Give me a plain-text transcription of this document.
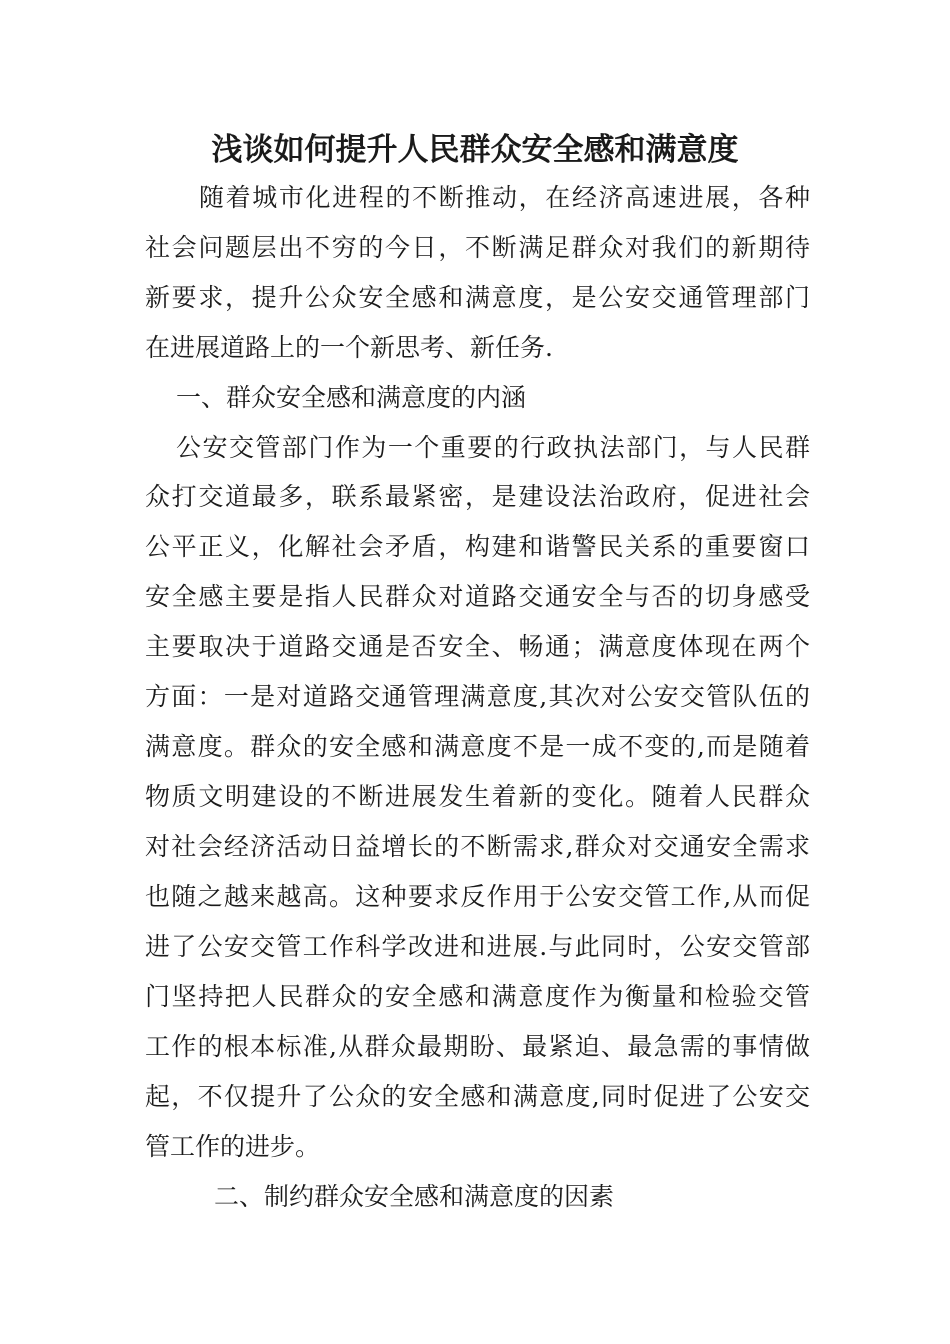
浅谈如何提升人民群众安全感和满意度
随着城市化进程的不断推动，在经济高速进展，各种
社会问题层出不穷的今日，不断满足群众对我们的新期待
新要求，提升公众安全感和满意度，是公安交通管理部门
在进展道路上的一个新思考、新任务.
一、群众安全感和满意度的内涵
公安交管部门作为一个重要的行政执法部门，与人民群
众打交道最多，联系最紧密，是建设法治政府，促进社会
公平正义，化解社会矛盾，构建和谐警民关系的重要窗口
安全感主要是指人民群众对道路交通安全与否的切身感受
主要取决于道路交通是否安全、畅通；满意度体现在两个
方面：一是对道路交通管理满意度,其次对公安交管队伍的
满意度。群众的安全感和满意度不是一成不变的,而是随着
物质文明建设的不断进展发生着新的变化。随着人民群众
对社会经济活动日益增长的不断需求,群众对交通安全需求
也随之越来越高。这种要求反作用于公安交管工作,从而促
进了公安交管工作科学改进和进展.与此同时，公安交管部
门坚持把人民群众的安全感和满意度作为衡量和检验交管
工作的根本标准,从群众最期盼、最紧迫、最急需的事情做
起，不仅提升了公众的安全感和满意度,同时促进了公安交
管工作的进步。
二、制约群众安全感和满意度的因素
